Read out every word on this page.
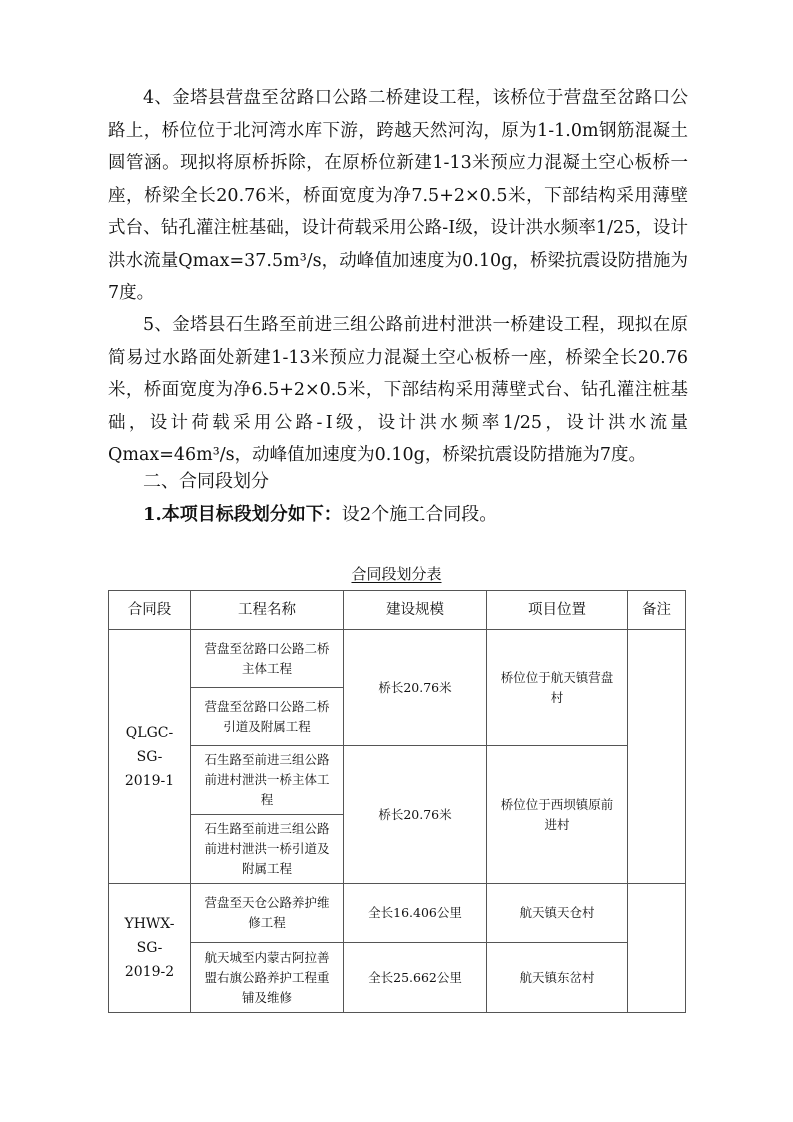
4、金塔县营盘至岔路口公路二桥建设工程，该桥位于营盘至岔路口公路上，桥位位于北河湾水库下游，跨越天然河沟，原为1-1.0m钢筋混凝土圆管涵。现拟将原桥拆除，在原桥位新建1-13米预应力混凝土空心板桥一座，桥梁全长20.76米，桥面宽度为净7.5+2×0.5米，下部结构采用薄壁式台、钻孔灌注桩基础，设计荷载采用公路-Ⅰ级，设计洪水频率1/25，设计洪水流量Qmax=37.5m³/s，动峰值加速度为0.10g，桥梁抗震设防措施为7度。

5、金塔县石生路至前进三组公路前进村泄洪一桥建设工程，现拟在原简易过水路面处新建1-13米预应力混凝土空心板桥一座，桥梁全长20.76米，桥面宽度为净6.5+2×0.5米，下部结构采用薄壁式台、钻孔灌注桩基础，设计荷载采用公路-Ⅰ级，设计洪水频率1/25，设计洪水流量Qmax=46m³/s，动峰值加速度为0.10g，桥梁抗震设防措施为7度。

二、合同段划分

1.本项目标段划分如下：设2个施工合同段。

合同段划分表

合同段	工程名称	建设规模	项目位置	备注
QLGC-SG-2019-1	营盘至岔路口公路二桥主体工程	桥长20.76米	桥位位于航天镇营盘村	
	营盘至岔路口公路二桥引道及附属工程			
	石生路至前进三组公路前进村泄洪一桥主体工程	桥长20.76米	桥位位于西坝镇原前进村	
	石生路至前进三组公路前进村泄洪一桥引道及附属工程			
YHWX-SG-2019-2	营盘至天仓公路养护维修工程	全长16.406公里	航天镇天仓村	
	航天城至内蒙古阿拉善盟右旗公路养护工程重铺及维修	全长25.662公里	航天镇东岔村	
